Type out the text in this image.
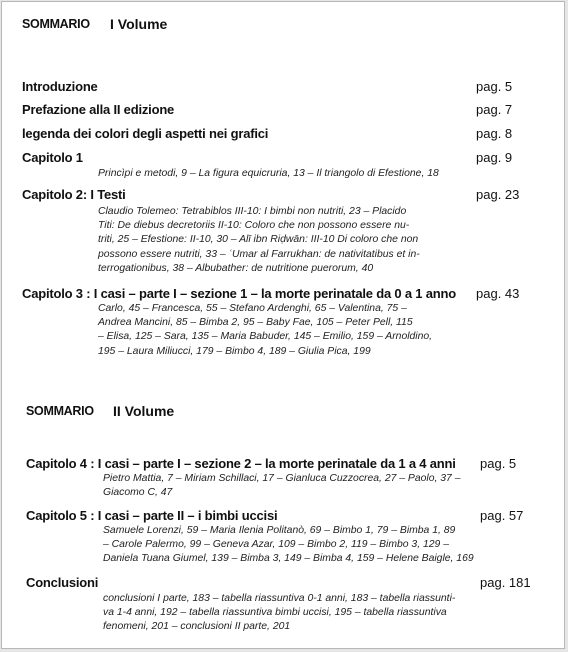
SOMMARIO I Volume
Introduzione	pag. 5
Prefazione alla II edizione	pag. 7
legenda dei colori degli aspetti nei grafici	pag. 8
Capitolo 1	pag. 9
Princìpi e metodi, 9 – La figura equicruria, 13 – Il triangolo di Efestione, 18
Capitolo 2: I Testi	pag. 23
Claudio Tolemeo: Tetrabiblos III-10: I bimbi non nutriti, 23 – Placido
Titi: De diebus decretoriis II-10: Coloro che non possono essere nu-
triti, 25 – Efestione: II-10, 30 – Alī ibn Riḍwān: III-10 Di coloro che non
possono essere nutriti, 33 – ʿUmar al Farrukhan: de nativitatibus et in-
terrogationibus, 38 – Albubather: de nutritione puerorum, 40
Capitolo 3 : I casi – parte I – sezione 1 – la morte perinatale da 0 a 1 anno pag. 43
Carlo, 45 – Francesca, 55 – Stefano Ardenghi, 65 – Valentina, 75 –
Andrea Mancini, 85 – Bimba 2, 95 – Baby Fae, 105 – Peter Pell, 115
– Elisa, 125 – Sara, 135 – Maria Babuder, 145 – Emilio, 159 – Arnoldino,
195 – Laura Miliucci, 179 – Bimbo 4, 189 – Giulia Pica, 199
SOMMARIO II Volume
Capitolo 4 : I casi – parte I – sezione 2 – la morte perinatale da 1 a 4 anni pag. 5
Pietro Mattia, 7 – Miriam Schillaci, 17 – Gianluca Cuzzocrea, 27 – Paolo, 37 –
Giacomo C, 47
Capitolo 5 : I casi – parte II – i bimbi uccisi	pag. 57
Samuele Lorenzi, 59 – Maria Ilenia Politanò, 69 – Bimbo 1, 79 – Bimba 1, 89
– Carole Palermo, 99 – Geneva Azar, 109 – Bimbo 2, 119 – Bimbo 3, 129 –
Daniela Tuana Giumel, 139 – Bimba 3, 149 – Bimba 4, 159 – Helene Baigle, 169
Conclusioni	pag. 181
conclusioni I parte, 183 – tabella riassuntiva 0-1 anni, 183 – tabella riassunti-
va 1-4 anni, 192 – tabella riassuntiva bimbi uccisi, 195 – tabella riassuntiva
fenomeni, 201 – conclusioni II parte, 201
